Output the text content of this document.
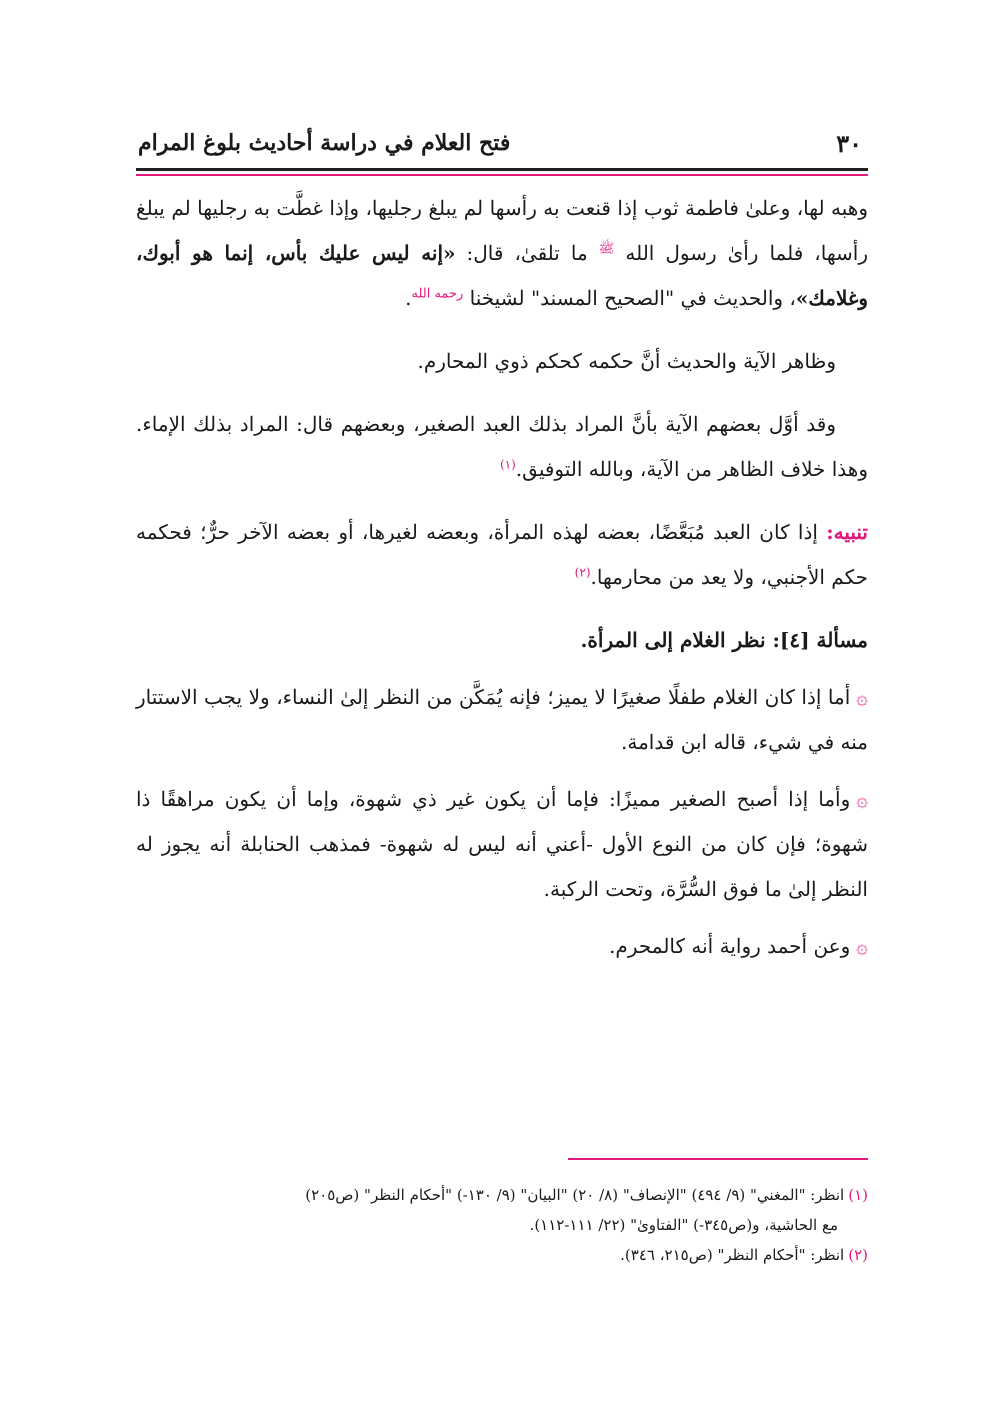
٣٠
فتح العلام في دراسة أحاديث بلوغ المرام

وهبه لها، وعلىٰ فاطمة ثوب إذا قنعت به رأسها لم يبلغ رجليها، وإذا غطَّت به رجليها لم يبلغ رأسها، فلما رأىٰ رسول الله $^ﷺ$ ما تلقىٰ، قال: «إنه ليس عليك بأس، إنما هو أبوك، وغلامك»، والحديث في "الصحيح المسند" لشيخنا $^{رحمه الله}$.

وظاهر الآية والحديث أنَّ حكمه كحكم ذوي المحارم.

وقد أوَّل بعضهم الآية بأنَّ المراد بذلك العبد الصغير، وبعضهم قال: المراد بذلك الإماء. وهذا خلاف الظاهر من الآية، وبالله التوفيق.$^{(١)}$

تنبيه: إذا كان العبد مُبَعَّضًا، بعضه لهذه المرأة، وبعضه لغيرها، أو بعضه الآخر حرٌّ؛ فحكمه حكم الأجنبي، ولا يعد من محارمها.$^{(٢)}$

مسألة [٤]: نظر الغلام إلى المرأة.

۞أما إذا كان الغلام طفلًا صغيرًا لا يميز؛ فإنه يُمَكَّن من النظر إلىٰ النساء، ولا يجب الاستتار منه في شيء، قاله ابن قدامة.

۞وأما إذا أصبح الصغير مميزًا: فإما أن يكون غير ذي شهوة، وإما أن يكون مراهقًا ذا شهوة؛ فإن كان من النوع الأول -أعني أنه ليس له شهوة- فمذهب الحنابلة أنه يجوز له النظر إلىٰ ما فوق السُّرَّة، وتحت الركبة.

۞وعن أحمد رواية أنه كالمحرم.

(١)انظر: "المغني" (٩/ ٤٩٤) "الإنصاف" (٨/ ٢٠) "البيان" (٩/ ١٣٠-) "أحكام النظر" (ص٢٠٥)

مع الحاشية، و(ص٣٤٥-) "الفتاوىٰ" (٢٢/ ١١١-١١٢).

(٢)انظر: "أحكام النظر" (ص٢١٥، ٣٤٦).
